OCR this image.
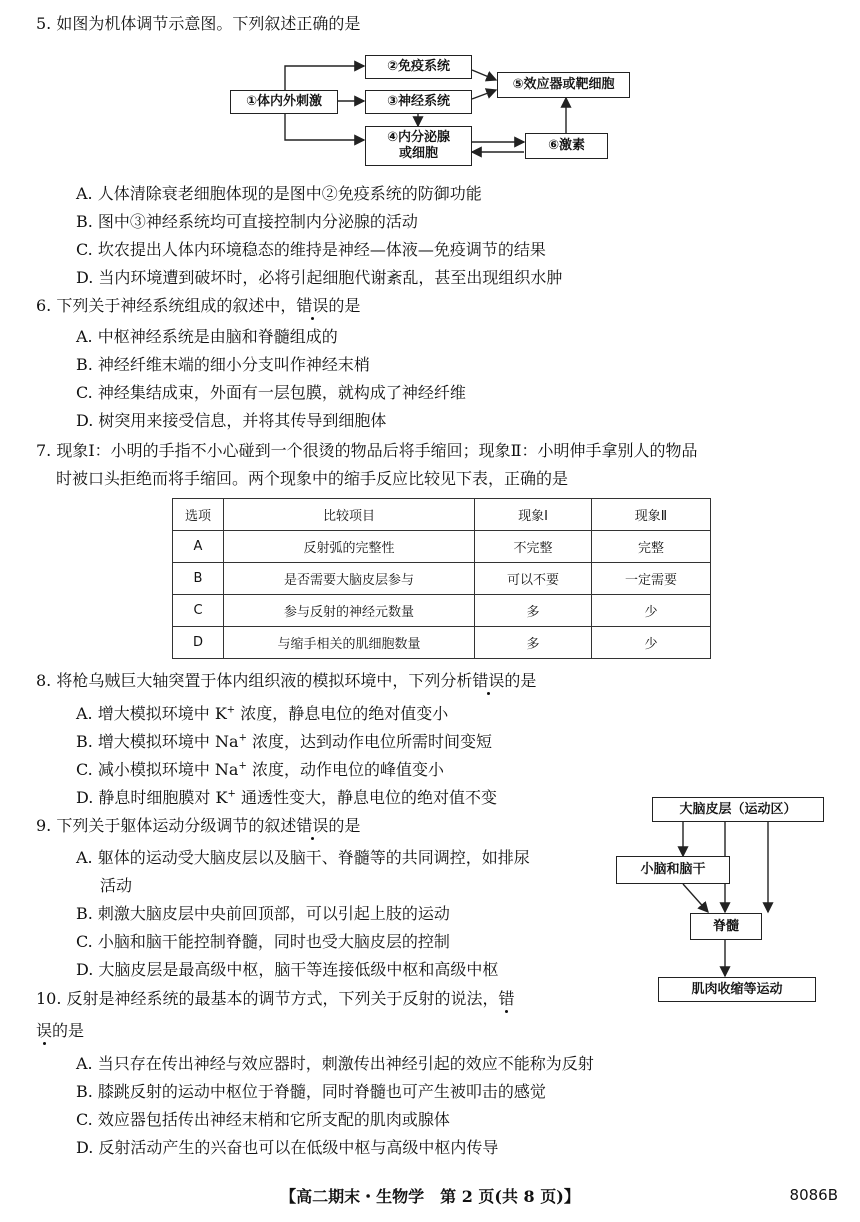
5. 如图为机体调节示意图。下列叙述正确的是
①体内外刺激
②免疫系统
③神经系统
④内分泌腺
或细胞
⑤效应器或靶细胞
⑥激素
A. 人体清除衰老细胞体现的是图中②免疫系统的防御功能
B. 图中③神经系统均可直接控制内分泌腺的活动
C. 坎农提出人体内环境稳态的维持是神经—体液—免疫调节的结果
D. 当内环境遭到破坏时，必将引起细胞代谢紊乱，甚至出现组织水肿
6. 下列关于神经系统组成的叙述中，错误的是
A. 中枢神经系统是由脑和脊髓组成的
B. 神经纤维末端的细小分支叫作神经末梢
C. 神经集结成束，外面有一层包膜，就构成了神经纤维
D. 树突用来接受信息，并将其传导到细胞体
7. 现象Ⅰ：小明的手指不小心碰到一个很烫的物品后将手缩回；现象Ⅱ：小明伸手拿别人的物品
时被口头拒绝而将手缩回。两个现象中的缩手反应比较见下表，正确的是
选项	比较项目	现象Ⅰ	现象Ⅱ
A	反射弧的完整性	不完整	完整
B	是否需要大脑皮层参与	可以不要	一定需要
C	参与反射的神经元数量	多	少
D	与缩手相关的肌细胞数量	多	少
8. 将枪乌贼巨大轴突置于体内组织液的模拟环境中，下列分析错误的是
A. 增大模拟环境中 K+ 浓度，静息电位的绝对值变小
B. 增大模拟环境中 Na+ 浓度，达到动作电位所需时间变短
C. 减小模拟环境中 Na+ 浓度，动作电位的峰值变小
D. 静息时细胞膜对 K+ 通透性变大，静息电位的绝对值不变
9. 下列关于躯体运动分级调节的叙述错误的是
A. 躯体的运动受大脑皮层以及脑干、脊髓等的共同调控，如排尿
活动
B. 刺激大脑皮层中央前回顶部，可以引起上肢的运动
C. 小脑和脑干能控制脊髓，同时也受大脑皮层的控制
D. 大脑皮层是最高级中枢，脑干等连接低级中枢和高级中枢
大脑皮层（运动区）
小脑和脑干
脊髓
肌肉收缩等运动
10. 反射是神经系统的最基本的调节方式，下列关于反射的说法，错
误的是
A. 当只存在传出神经与效应器时，刺激传出神经引起的效应不能称为反射
B. 膝跳反射的运动中枢位于脊髓，同时脊髓也可产生被叩击的感觉
C. 效应器包括传出神经末梢和它所支配的肌肉或腺体
D. 反射活动产生的兴奋也可以在低级中枢与高级中枢内传导
【高二期末・生物学　第 2 页(共 8 页)】	8086B
